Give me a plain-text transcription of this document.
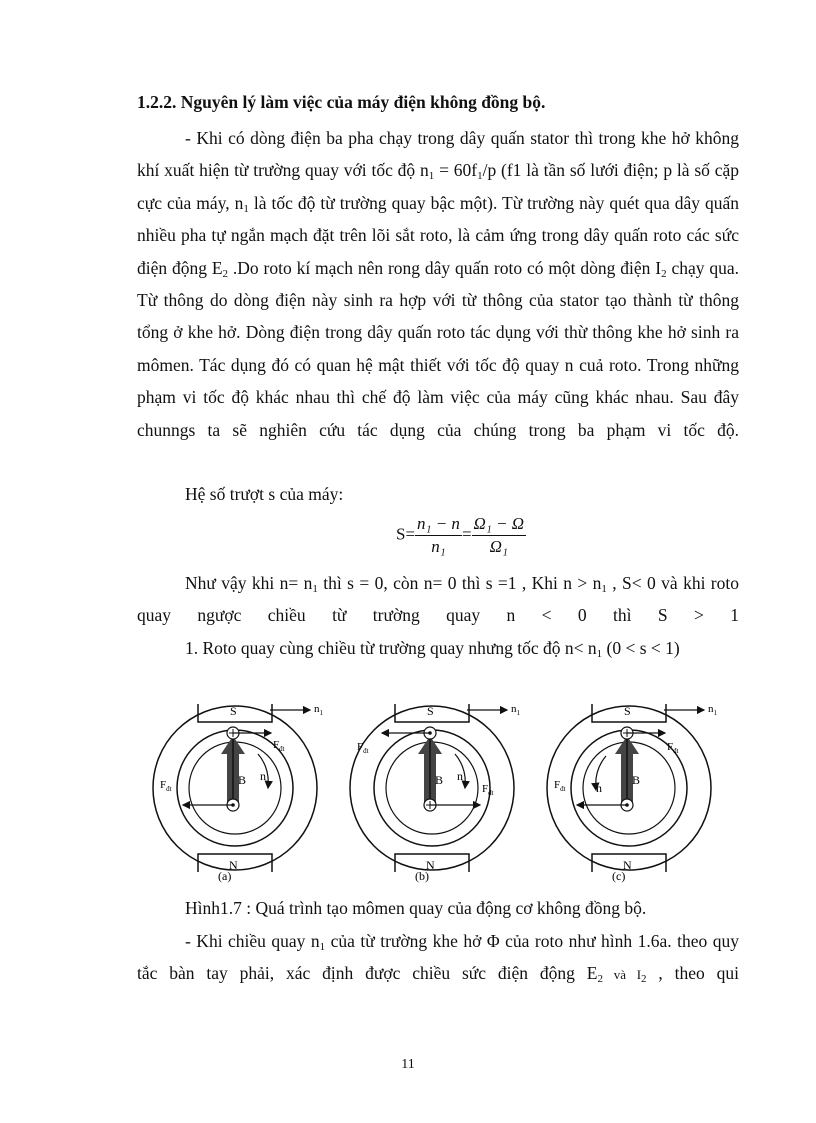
1.2.2. Nguyên lý làm việc của máy điện không đồng bộ.

- Khi có dòng điện ba pha chạy trong dây quấn stator thì trong khe hở không khí xuất hiện từ trường quay với tốc độ $n_1 = 60f_1/p$ (f1 là tần số lưới điện; p là số cặp cực của máy, $n_1$ là tốc độ từ trường quay bậc một). Từ trường này quét qua dây quấn nhiều pha tự ngắn mạch đặt trên lõi sắt roto, là cảm ứng trong dây quấn roto các sức điện động $E_2$ .Do roto kí mạch nên rong dây quấn roto có một dòng điện $I_2$ chạy qua. Từ thông do dòng điện này sinh ra hợp với từ thông của stator tạo thành từ thông tổng ở khe hở. Dòng điện trong dây quấn roto tác dụng với thừ thông khe hở sinh ra mômen. Tác dụng đó có quan hệ mật thiết với tốc độ quay n cuả roto. Trong những phạm vi tốc độ khác nhau thì chế độ làm việc của máy cũng khác nhau. Sau đây chunngs ta sẽ nghiên cứu tác dụng của chúng trong ba phạm vi tốc độ.

Hệ số trượt s của máy:

$S= \frac{\text{n₁ − n}}{\text{n₁}} = \frac{\text{Ω₁ − Ω}}{\text{Ω₁}}$

Như vậy khi $n= n_1$ thì s = 0, còn n= 0 thì s =1 , Khi $n > n_1$ , S< 0 và khi roto quay ngược chiều từ trường quay n < 0 thì S > 1

1. Roto quay cùng chiều từ trường quay nhưng tốc độ $n< n_1$ (0 < s < 1)

S
N
$n_1$
B
$F_{đt}$
$F_{đt}$
n
(a)
S
N
$n_1$
B
$F_{đt}$
$F_{đt}$
n
(b)
S
N
$n_1$
B
$F_{đt}$
$F_{đt}$	n
(c)
Hình1.7 : Quá trình tạo mômen quay của động cơ không đồng bộ.

- Khi chiều quay $n_1$ của từ trường khe hở Φ của roto như hình 1.6a. theo quy tắc bàn tay phải, xác định được chiều sức điện động $E_2$ và $I_2$ , theo qui

11
